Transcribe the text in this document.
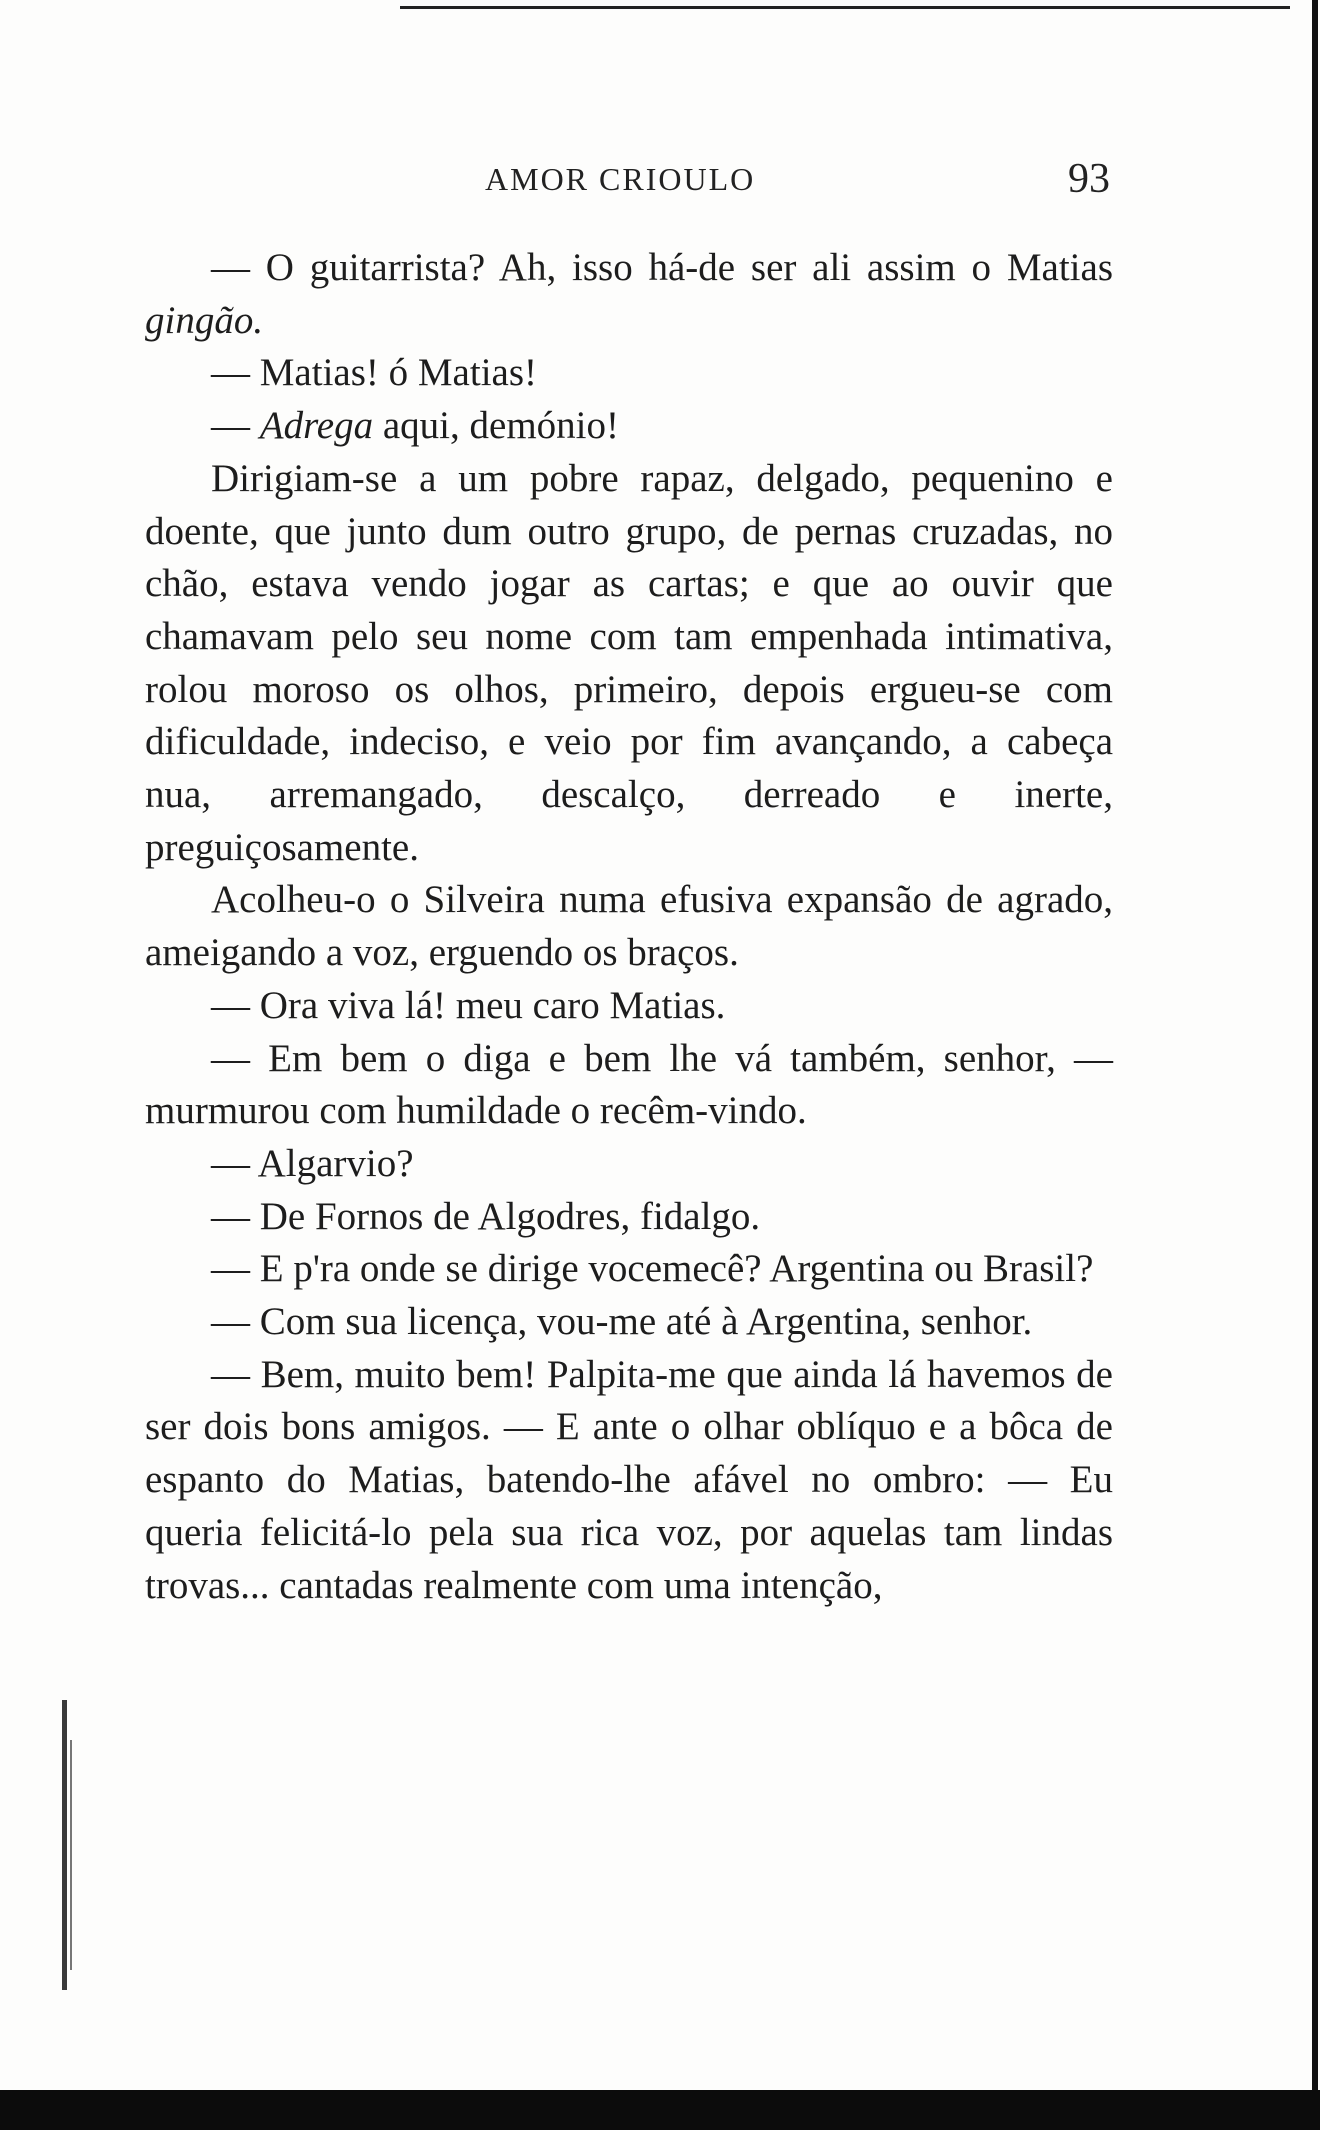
AMOR CRIOULO	93

— O guitarrista? Ah, isso há-de ser ali assim o Matias gingão.

— Matias! ó Matias!

— Adrega aqui, demónio!

Dirigiam-se a um pobre rapaz, delgado, pequenino e doente, que junto dum outro grupo, de pernas cruzadas, no chão, estava vendo jogar as cartas; e que ao ouvir que chamavam pelo seu nome com tam empenhada intimativa, rolou moroso os olhos, primeiro, depois ergueu-se com dificuldade, indeciso, e veio por fim avançando, a cabeça nua, arremangado, descalço, derreado e inerte, preguiçosamente.

Acolheu-o o Silveira numa efusiva expansão de agrado, ameigando a voz, erguendo os braços.

— Ora viva lá! meu caro Matias.

— Em bem o diga e bem lhe vá também, senhor, — murmurou com humildade o recêm-vindo.

— Algarvio?

— De Fornos de Algodres, fidalgo.

— E p'ra onde se dirige vocemecê? Argentina ou Brasil?

— Com sua licença, vou-me até à Argentina, senhor.

— Bem, muito bem! Palpita-me que ainda lá havemos de ser dois bons amigos. — E ante o olhar oblíquo e a bôca de espanto do Matias, batendo-lhe afável no ombro: — Eu queria felicitá-lo pela sua rica voz, por aquelas tam lindas trovas... cantadas realmente com uma intenção,
